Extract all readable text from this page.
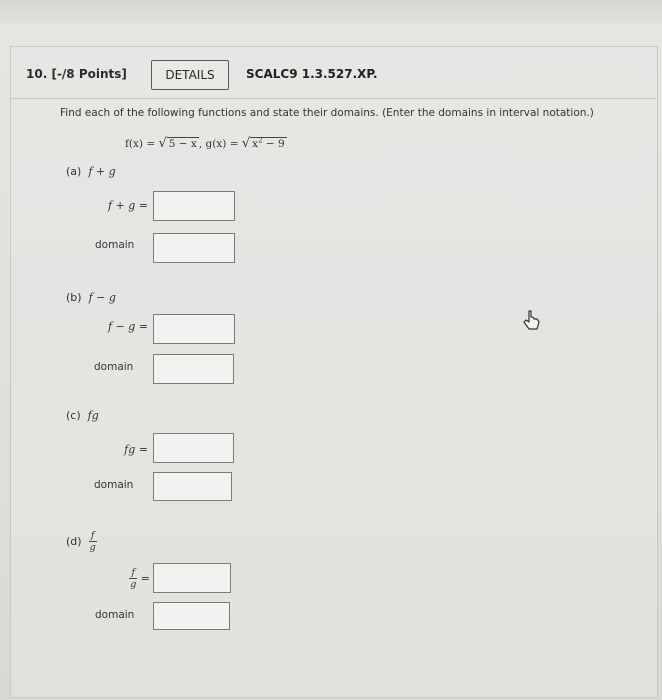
10. [-/8 Points]	DETAILS	SCALC9 1.3.527.XP.
Find each of the following functions and state their domains. (Enter the domains in interval notation.)
f(x) = √ 5 − x , g(x) = √ $x^2 - 9$
(a) f + g
f + g =
domain
(b) f − g
f − g =
domain
(c) fg
fg =
domain
$(d) \frac{f}{g}$
$\frac{f}{g}$ =
domain
